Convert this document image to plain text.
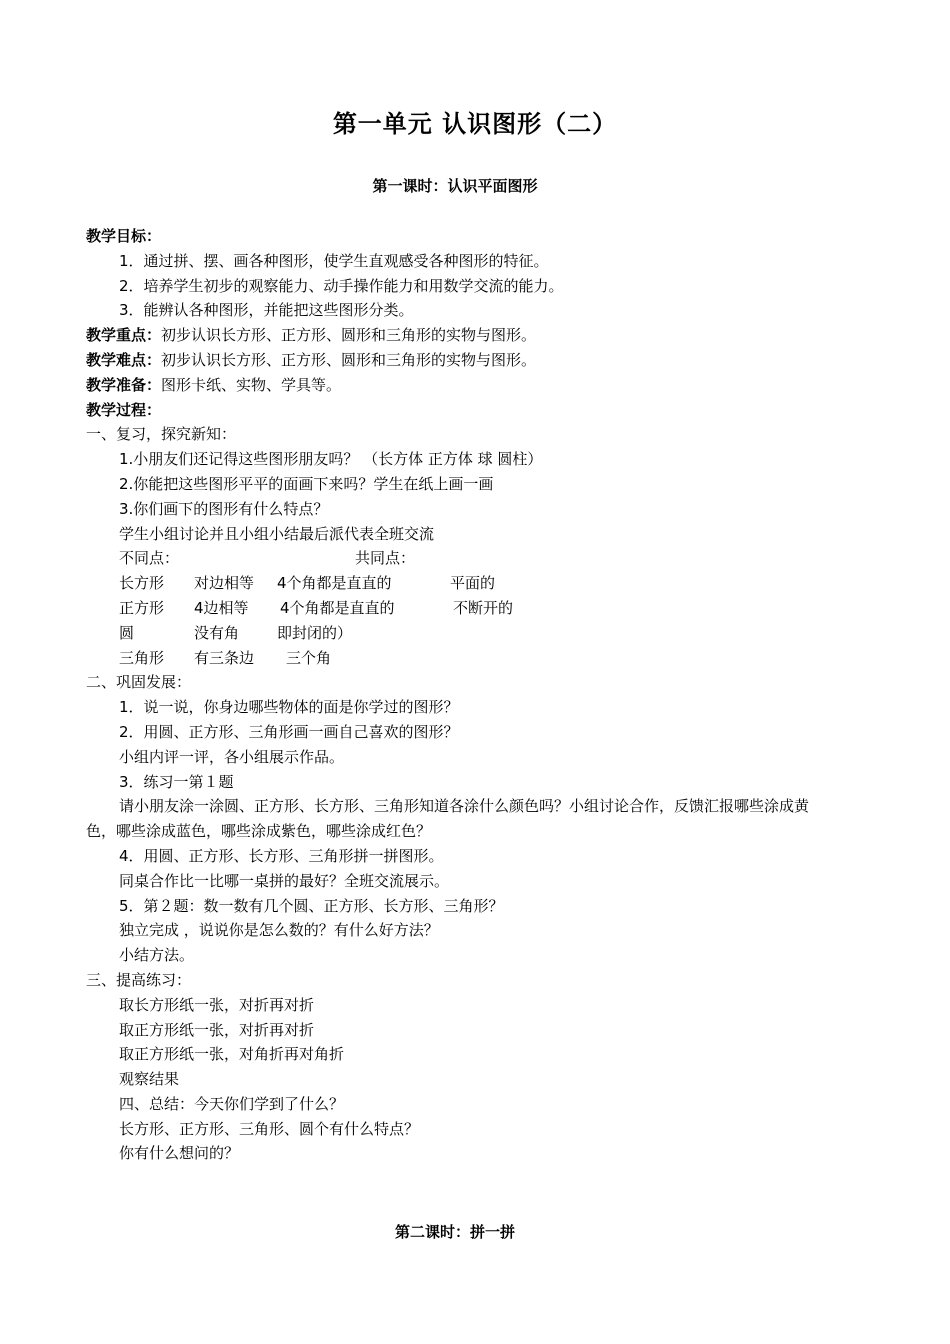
第一单元 认识图形（二）
第一课时：认识平面图形
教学目标：
1．通过拼、摆、画各种图形，使学生直观感受各种图形的特征。
2．培养学生初步的观察能力、动手操作能力和用数学交流的能力。
3．能辨认各种图形，并能把这些图形分类。
教学重点：初步认识长方形、正方形、圆形和三角形的实物与图形。
教学难点：初步认识长方形、正方形、圆形和三角形的实物与图形。
教学准备：图形卡纸、实物、学具等。
教学过程：
一、复习，探究新知：
1.小朋友们还记得这些图形朋友吗？ （长方体 正方体 球 圆柱）
2.你能把这些图形平平的面画下来吗？学生在纸上画一画
3.你们画下的图形有什么特点？
学生小组讨论并且小组小结最后派代表全班交流
不同点：	共同点：
长方形 对边相等 4个角都是直直的	平面的
正方形 4边相等 4个角都是直直的	不断开的
圆	没有角	即封闭的）
三角形 有三条边 三个角
二、巩固发展：
1．说一说，你身边哪些物体的面是你学过的图形？
2．用圆、正方形、三角形画一画自己喜欢的图形？
小组内评一评，各小组展示作品。
3．练习一第１题
请小朋友涂一涂圆、正方形、长方形、三角形知道各涂什么颜色吗？小组讨论合作，反馈汇报哪些涂成黄色，哪些涂成蓝色，哪些涂成紫色，哪些涂成红色？
4．用圆、正方形、长方形、三角形拼一拼图形。
同桌合作比一比哪一桌拼的最好？全班交流展示。
5．第２题：数一数有几个圆、正方形、长方形、三角形？
独立完成 ，说说你是怎么数的？有什么好方法？
小结方法。
三、提高练习：
取长方形纸一张，对折再对折
取正方形纸一张，对折再对折
取正方形纸一张，对角折再对角折
观察结果
四、总结：今天你们学到了什么？
长方形、正方形、三角形、圆个有什么特点？
你有什么想问的？
第二课时：拼一拼
